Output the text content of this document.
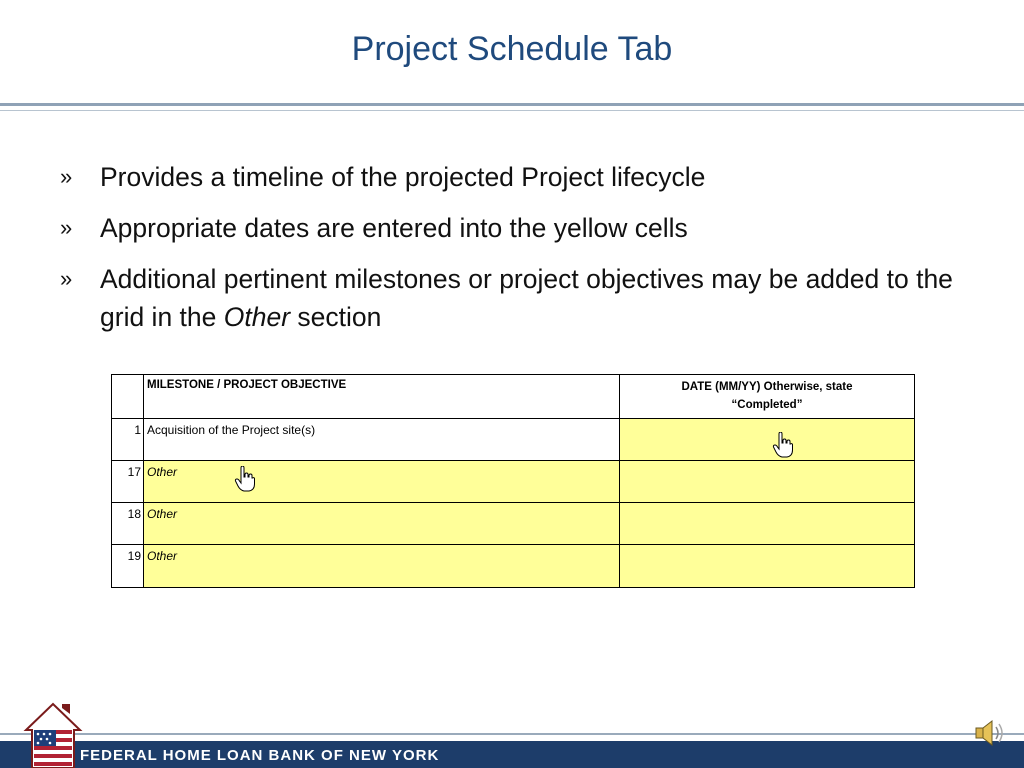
Project Schedule Tab
» Provides a timeline of the projected Project lifecycle
» Appropriate dates are entered into the yellow cells
» Additional pertinent milestones or project objectives may be added to the grid in the Other section
MILESTONE / PROJECT OBJECTIVE	DATE (MM/YY) Otherwise, state
“Completed”
1 Acquisition of the Project site(s)
17 Other
18 Other
19 Other
FEDERAL HOME LOAN BANK OF NEW YORK
